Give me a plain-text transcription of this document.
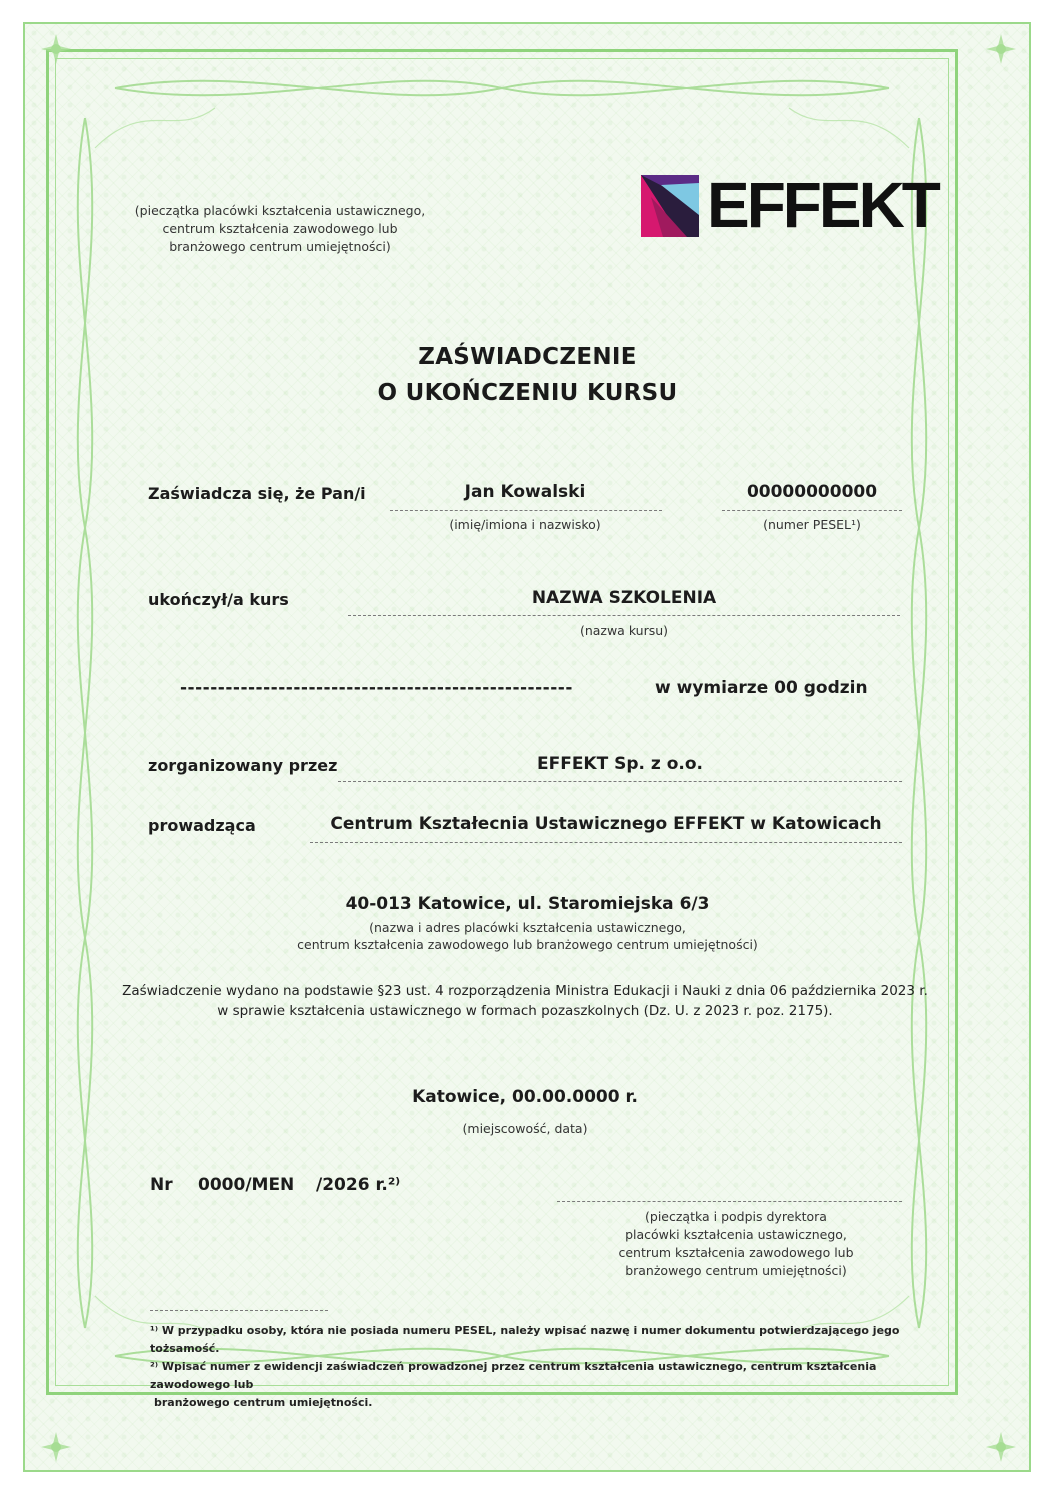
(pieczątka placówki kształcenia ustawicznego,
centrum kształcenia zawodowego lub
branżowego centrum umiejętności)
EFFEKT
ZAŚWIADCZENIE
O UKOŃCZENIU KURSU
Zaświadcza się, że Pan/i	Jan Kowalski
(imię/imiona i nazwisko)
00000000000
(numer PESEL¹)
ukończył/a kurs	NAZWA SZKOLENIA
(nazwa kursu)
----------------------------------------------------	w wymiarze 00 godzin
zorganizowany przez	EFFEKT Sp. z o.o.
prowadząca	Centrum Kształecnia Ustawicznego EFFEKT w Katowicach
40-013 Katowice, ul. Staromiejska 6/3
(nazwa i adres placówki kształcenia ustawicznego,
centrum kształcenia zawodowego lub branżowego centrum umiejętności)
Zaświadczenie wydano na podstawie §23 ust. 4 rozporządzenia Ministra Edukacji i Nauki z dnia 06 października 2023 r.
w sprawie kształcenia ustawicznego w formach pozaszkolnych (Dz. U. z 2023 r. poz. 2175).
Katowice, 00.00.0000 r.
(miejscowość, data)
Nr 0000/MEN /2026 r.²⁾
(pieczątka i podpis dyrektora
placówki kształcenia ustawicznego,
centrum kształcenia zawodowego lub
branżowego centrum umiejętności)
¹⁾ W przypadku osoby, która nie posiada numeru PESEL, należy wpisać nazwę i numer dokumentu potwierdzającego jego tożsamość.
²⁾ Wpisać numer z ewidencji zaświadczeń prowadzonej przez centrum kształcenia ustawicznego, centrum kształcenia zawodowego lub
branżowego centrum umiejętności.
